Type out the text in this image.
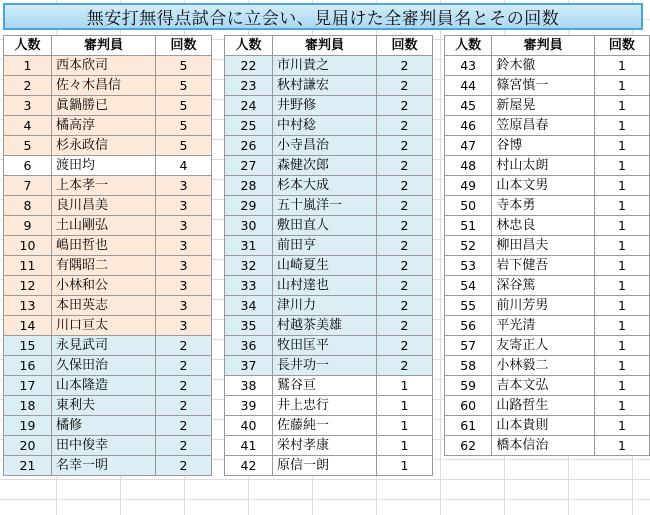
無安打無得点試合に立会い、見届けた全審判員名とその回数
人数	審判員	回数
1	西本欣司	5
2	佐々木昌信	5
3	眞鍋勝已	5
4	橘高淳	5
5	杉永政信	5
6	渡田均	4
7	上本孝一	3
8	良川昌美	3
9	土山剛弘	3
10	嶋田哲也	3
11	有隅昭二	3
12	小林和公	3
13	本田英志	3
14	川口亘太	3
15	永見武司	2
16	久保田治	2
17	山本隆造	2
18	東利夫	2
19	橘修	2
20	田中俊幸	2
21	名幸一明	2
人数	審判員	回数
22	市川貴之	2
23	秋村謙宏	2
24	井野修	2
25	中村稔	2
26	小寺昌治	2
27	森健次郎	2
28	杉本大成	2
29	五十嵐洋一	2
30	敷田直人	2
31	前田亨	2
32	山崎夏生	2
33	山村達也	2
34	津川力	2
35	村越茶美雄	2
36	牧田匡平	2
37	長井功一	2
38	鷲谷亘	1
39	井上忠行	1
40	佐藤純一	1
41	栄村孝康	1
42	原信一朗	1
人数	審判員	回数
43	鈴木徹	1
44	篠宮慎一	1
45	新屋晃	1
46	笠原昌春	1
47	谷博	1
48	村山太朗	1
49	山本文男	1
50	寺本勇	1
51	林忠良	1
52	柳田昌夫	1
53	岩下健吾	1
54	深谷篤	1
55	前川芳男	1
56	平光清	1
57	友寄正人	1
58	小林毅二	1
59	吉本文弘	1
60	山路哲生	1
61	山本貴則	1
62	橋本信治	1
